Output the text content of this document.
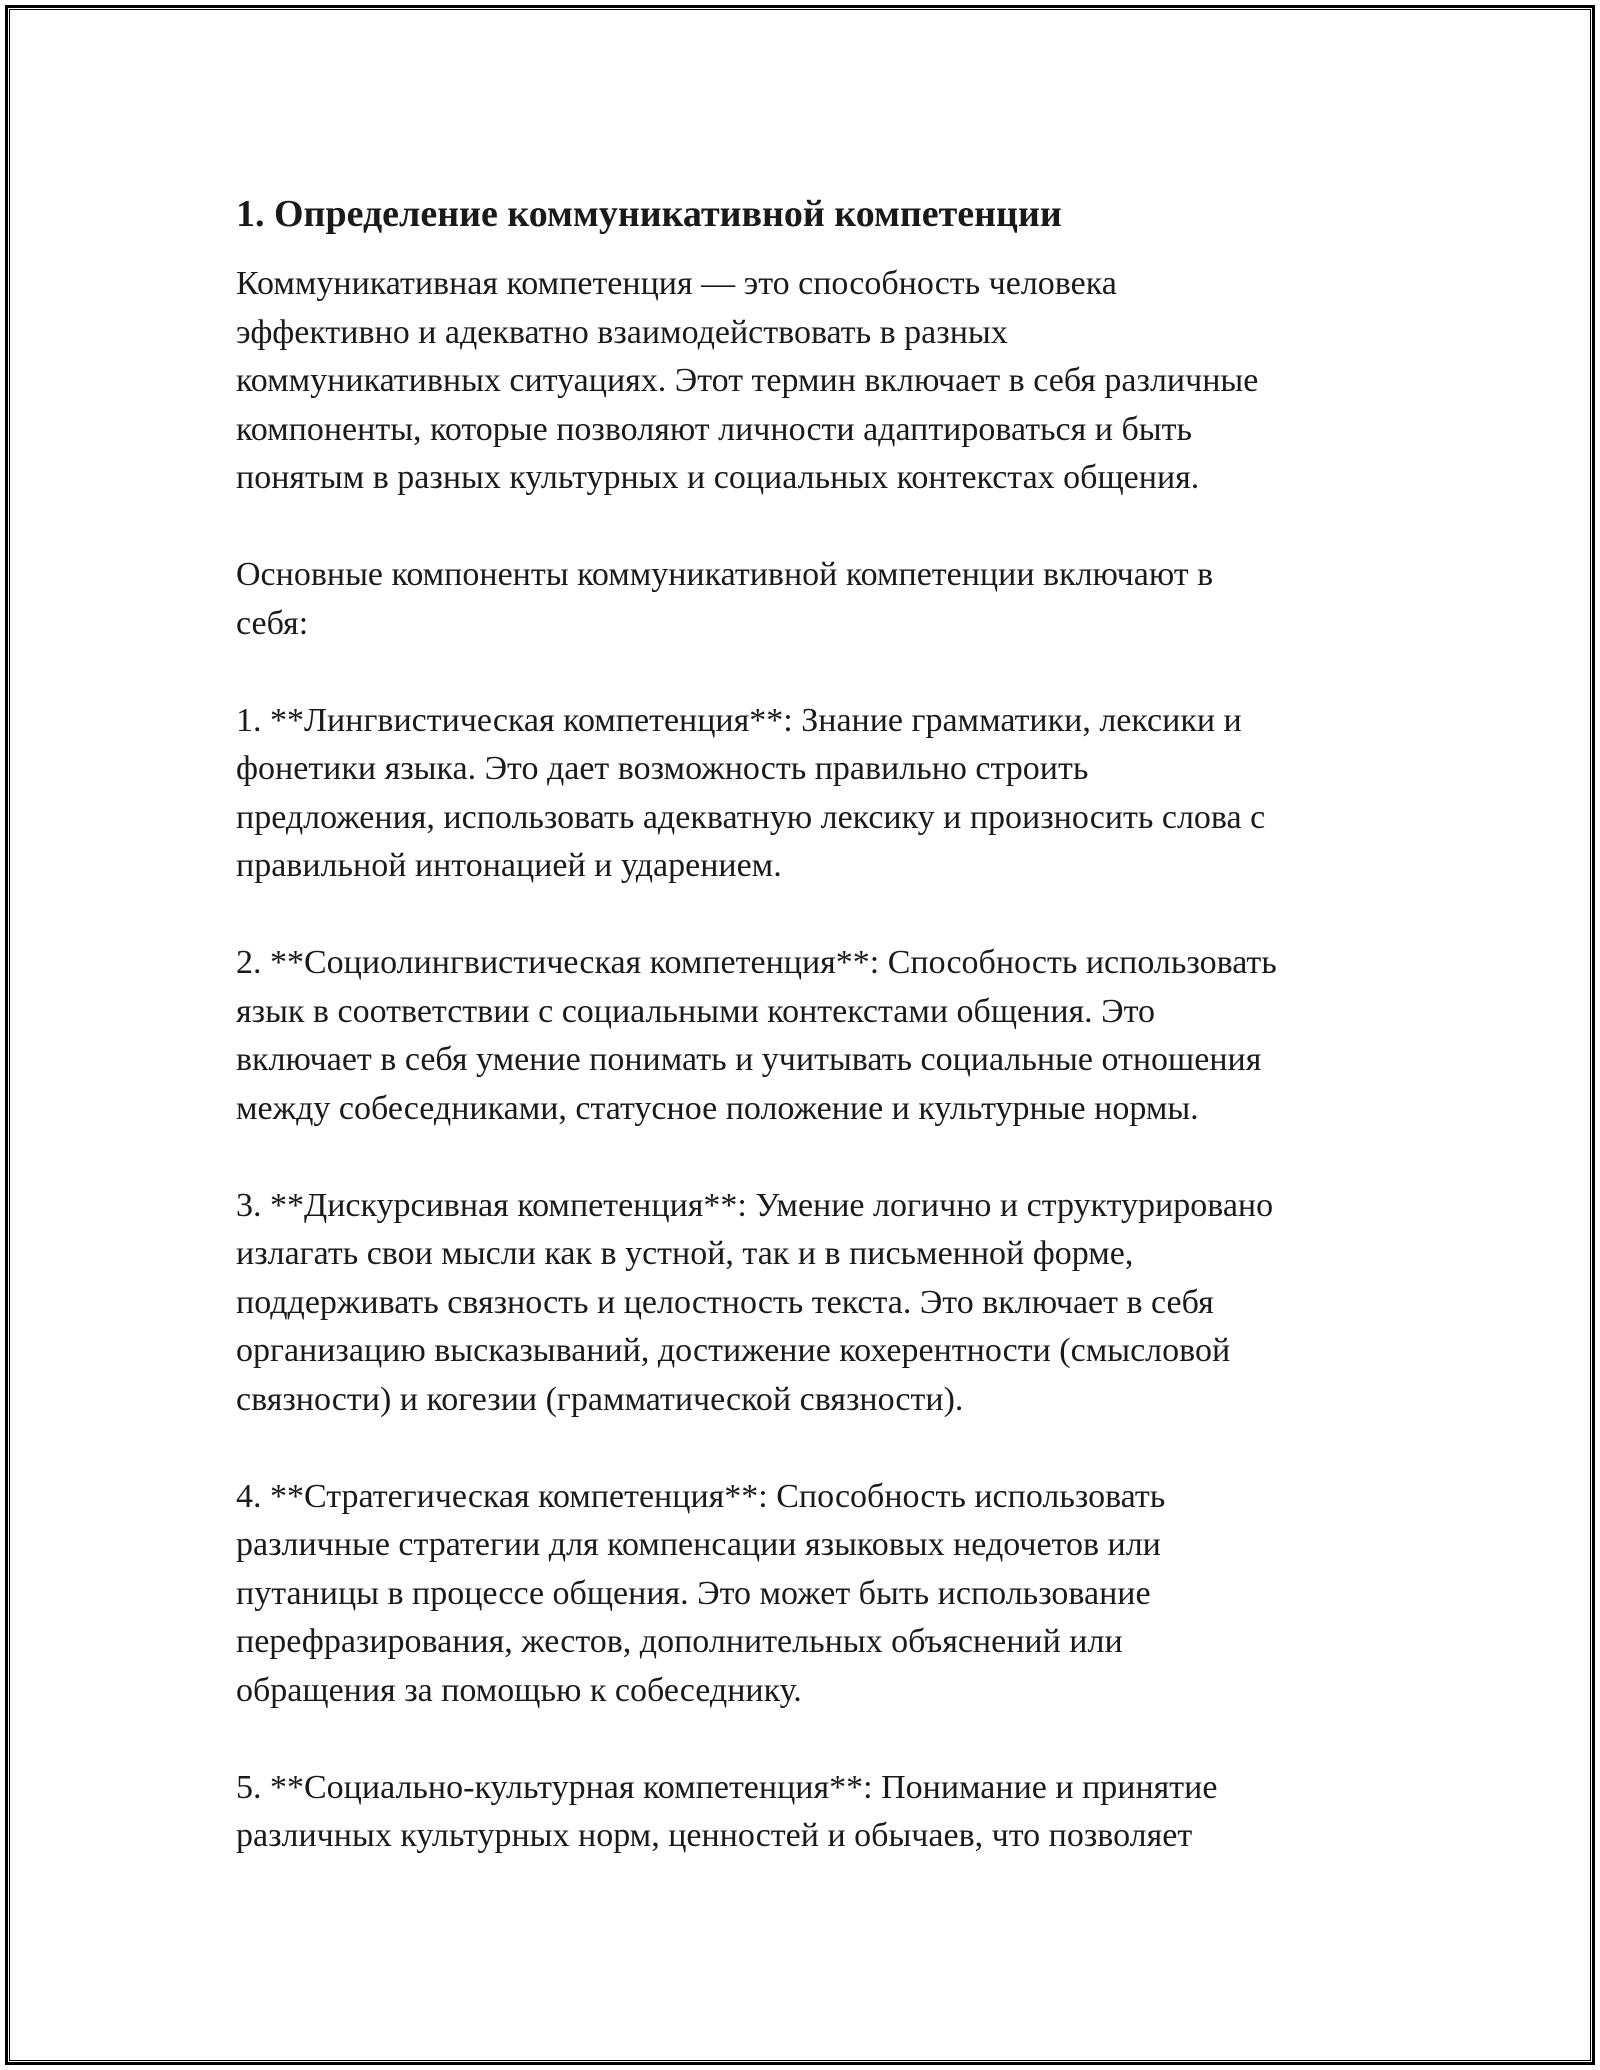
1. Определение коммуникативной компетенции

Коммуникативная компетенция — это способность человека
эффективно и адекватно взаимодействовать в разных
коммуникативных ситуациях. Этот термин включает в себя различные
компоненты, которые позволяют личности адаптироваться и быть
понятым в разных культурных и социальных контекстах общения.

Основные компоненты коммуникативной компетенции включают в
себя:

1. **Лингвистическая компетенция**: Знание грамматики, лексики и
фонетики языка. Это дает возможность правильно строить
предложения, использовать адекватную лексику и произносить слова с
правильной интонацией и ударением.

2. **Социолингвистическая компетенция**: Способность использовать
язык в соответствии с социальными контекстами общения. Это
включает в себя умение понимать и учитывать социальные отношения
между собеседниками, статусное положение и культурные нормы.

3. **Дискурсивная компетенция**: Умение логично и структурировано
излагать свои мысли как в устной, так и в письменной форме,
поддерживать связность и целостность текста. Это включает в себя
организацию высказываний, достижение кохерентности (смысловой
связности) и когезии (грамматической связности).

4. **Стратегическая компетенция**: Способность использовать
различные стратегии для компенсации языковых недочетов или
путаницы в процессе общения. Это может быть использование
перефразирования, жестов, дополнительных объяснений или
обращения за помощью к собеседнику.

5. **Социально-культурная компетенция**: Понимание и принятие
различных культурных норм, ценностей и обычаев, что позволяет
